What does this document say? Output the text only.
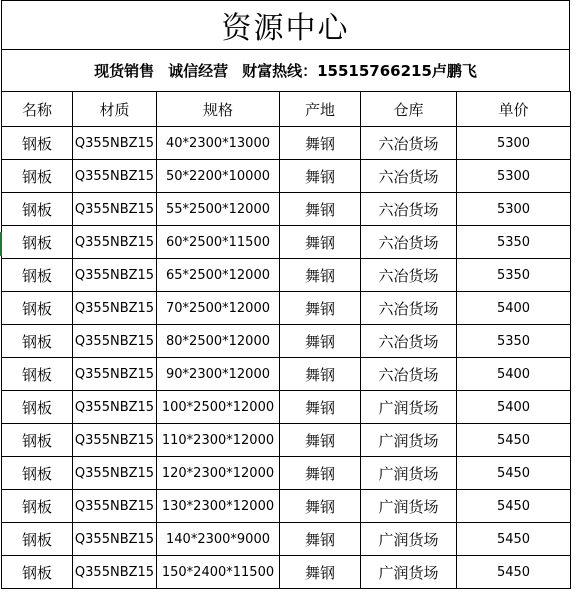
资源中心
现货销售 诚信经营 财富热线：15515766215卢鹏飞
名称	材质	规格	产地	仓库	单价
钢板	Q355NBZ15	40*2300*13000	舞钢	六冶货场	5300
钢板	Q355NBZ15	50*2200*10000	舞钢	六冶货场	5300
钢板	Q355NBZ15	55*2500*12000	舞钢	六冶货场	5300
钢板	Q355NBZ15	60*2500*11500	舞钢	六冶货场	5350
钢板	Q355NBZ15	65*2500*12000	舞钢	六冶货场	5350
钢板	Q355NBZ15	70*2500*12000	舞钢	六冶货场	5400
钢板	Q355NBZ15	80*2500*12000	舞钢	六冶货场	5350
钢板	Q355NBZ15	90*2300*12000	舞钢	六冶货场	5400
钢板	Q355NBZ15	100*2500*12000	舞钢	广润货场	5400
钢板	Q355NBZ15	110*2300*12000	舞钢	广润货场	5450
钢板	Q355NBZ15	120*2300*12000	舞钢	广润货场	5450
钢板	Q355NBZ15	130*2300*12000	舞钢	广润货场	5450
钢板	Q355NBZ15	140*2300*9000	舞钢	广润货场	5450
钢板	Q355NBZ15	150*2400*11500	舞钢	广润货场	5450
